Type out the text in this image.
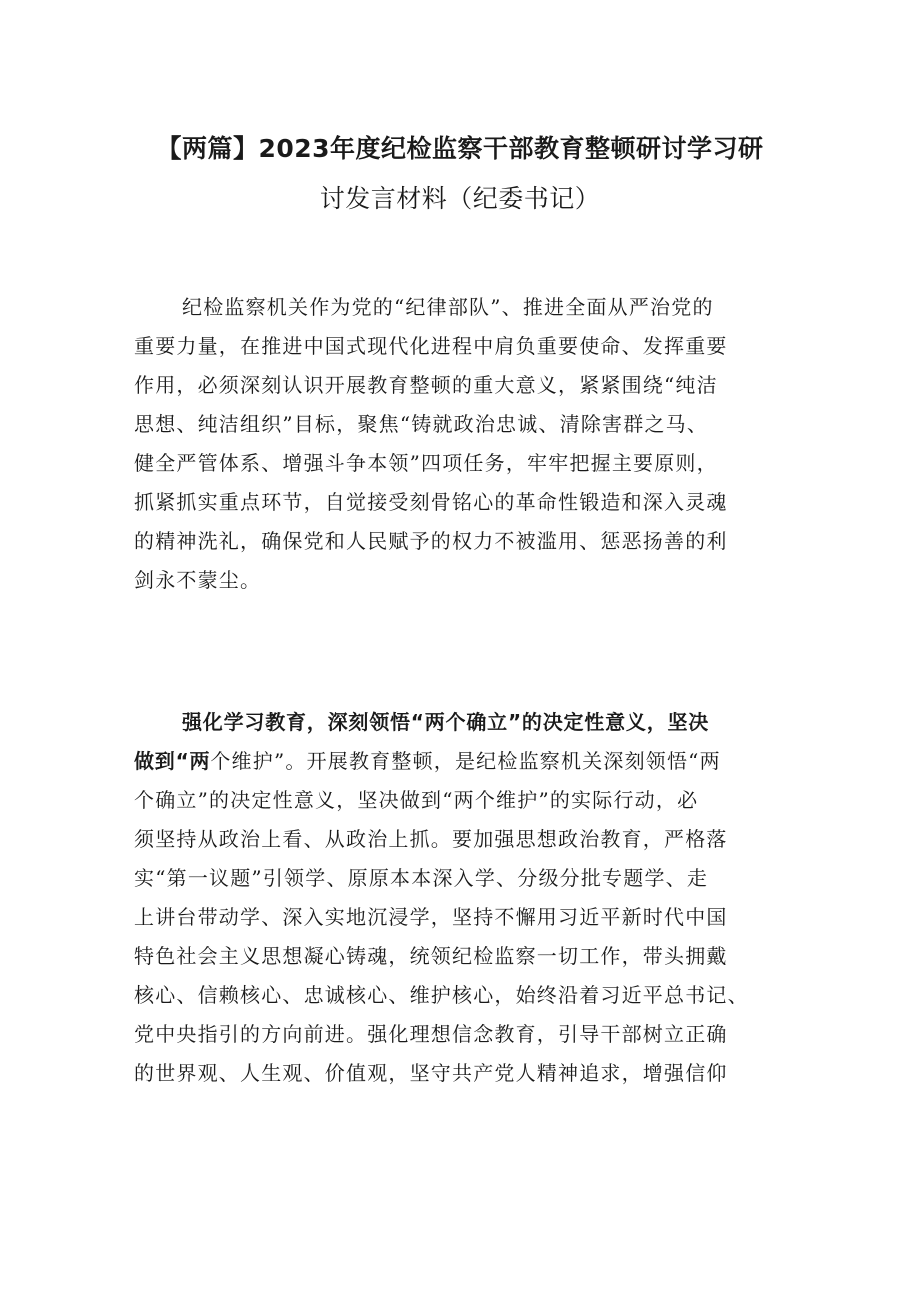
【两篇】2023年度纪检监察干部教育整顿研讨学习研
讨发言材料（纪委书记）
纪检监察机关作为党的“纪律部队”、推进全面从严治党的
重要力量，在推进中国式现代化进程中肩负重要使命、发挥重要
作用，必须深刻认识开展教育整顿的重大意义，紧紧围绕“纯洁
思想、纯洁组织”目标，聚焦“铸就政治忠诚、清除害群之马、
健全严管体系、增强斗争本领”四项任务，牢牢把握主要原则，
抓紧抓实重点环节，自觉接受刻骨铭心的革命性锻造和深入灵魂
的精神洗礼，确保党和人民赋予的权力不被滥用、惩恶扬善的利
剑永不蒙尘。
强化学习教育，深刻领悟“两个确立”的决定性意义，坚决
做到“两个维护”。开展教育整顿，是纪检监察机关深刻领悟“两
个确立”的决定性意义，坚决做到“两个维护”的实际行动，必
须坚持从政治上看、从政治上抓。要加强思想政治教育，严格落
实“第一议题”引领学、原原本本深入学、分级分批专题学、走
上讲台带动学、深入实地沉浸学，坚持不懈用习近平新时代中国
特色社会主义思想凝心铸魂，统领纪检监察一切工作，带头拥戴
核心、信赖核心、忠诚核心、维护核心，始终沿着习近平总书记、
党中央指引的方向前进。强化理想信念教育，引导干部树立正确
的世界观、人生观、价值观，坚守共产党人精神追求，增强信仰
